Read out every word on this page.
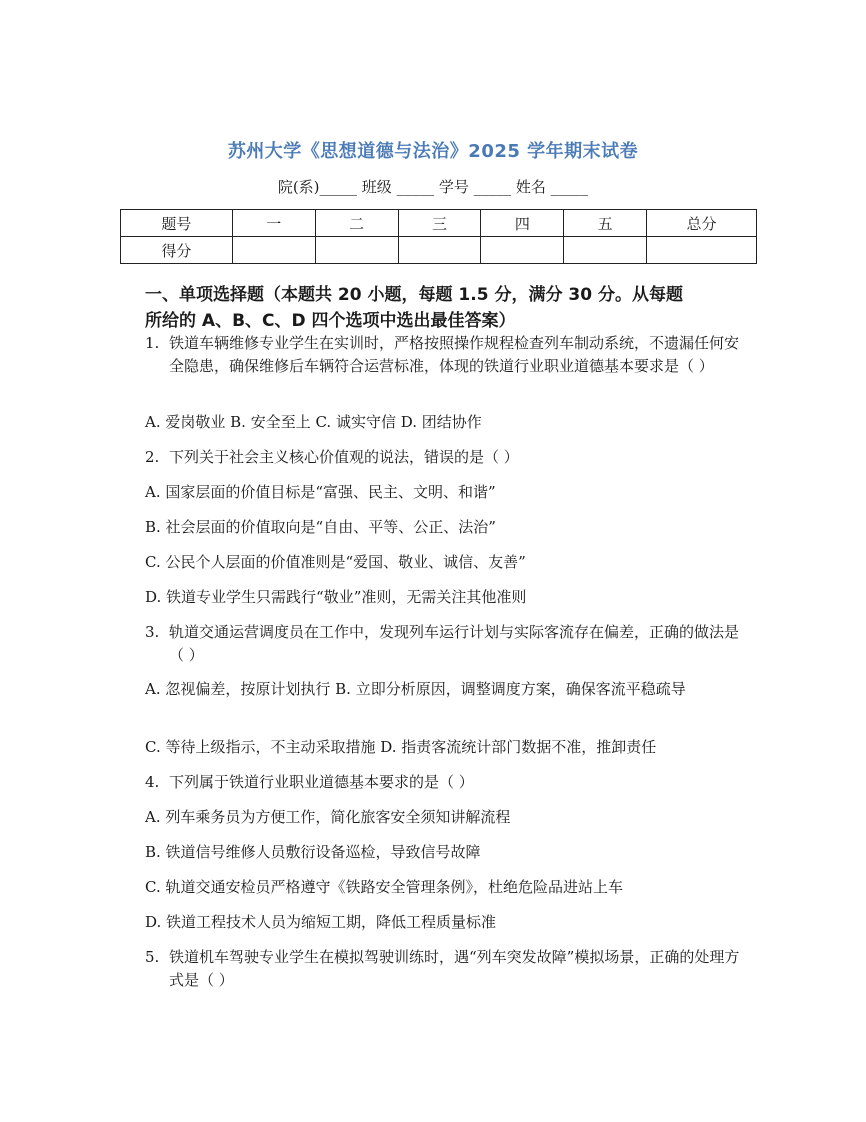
苏州大学《思想道德与法治》2025 学年期末试卷
院(系)_____ 班级 _____ 学号 _____ 姓名 _____
题号	一	二	三	四	五	总分
得分						
一、单项选择题（本题共 20 小题，每题 1.5 分，满分 30 分。从每题
所给的 A、B、C、D 四个选项中选出最佳答案）
1. 铁道车辆维修专业学生在实训时，严格按照操作规程检查列车制动系统，不遗漏任何安全隐患，确保维修后车辆符合运营标准，体现的铁道行业职业道德基本要求是（ ）
A. 爱岗敬业 B. 安全至上 C. 诚实守信 D. 团结协作
2. 下列关于社会主义核心价值观的说法，错误的是（ ）
A. 国家层面的价值目标是“富强、民主、文明、和谐”
B. 社会层面的价值取向是“自由、平等、公正、法治”
C. 公民个人层面的价值准则是“爱国、敬业、诚信、友善”
D. 铁道专业学生只需践行“敬业”准则，无需关注其他准则
3. 轨道交通运营调度员在工作中，发现列车运行计划与实际客流存在偏差，正确的做法是（ ）
A. 忽视偏差，按原计划执行 B. 立即分析原因，调整调度方案，确保客流平稳疏导
C. 等待上级指示，不主动采取措施 D. 指责客流统计部门数据不准，推卸责任
4. 下列属于铁道行业职业道德基本要求的是（ ）
A. 列车乘务员为方便工作，简化旅客安全须知讲解流程
B. 铁道信号维修人员敷衍设备巡检，导致信号故障
C. 轨道交通安检员严格遵守《铁路安全管理条例》，杜绝危险品进站上车
D. 铁道工程技术人员为缩短工期，降低工程质量标准
5. 铁道机车驾驶专业学生在模拟驾驶训练时，遇“列车突发故障”模拟场景，正确的处理方式是（ ）
